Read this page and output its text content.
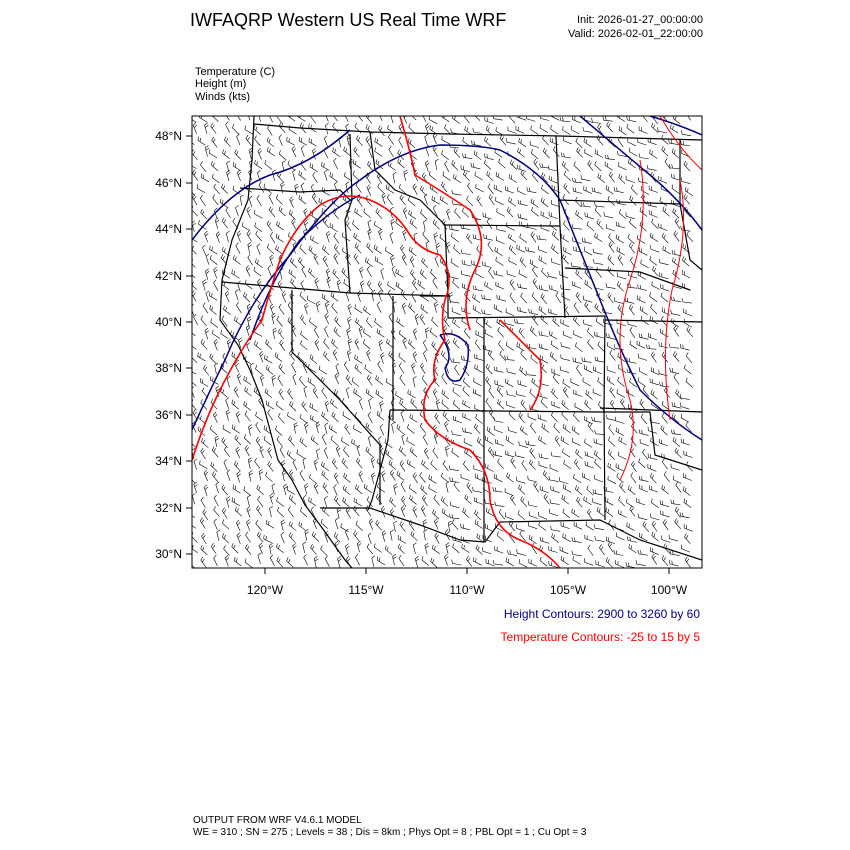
IWFAQRP Western US Real Time WRF	Init: 2026-01-27_00:00:00
Valid: 2026-02-01_22:00:00
Temperature (C)
Height (m)
Winds (kts)
48°N
46°N
44°N
42°N
40°N
38°N
36°N
34°N
32°N
30°N
120°W	115°W	110°W	105°W	100°W
Height Contours: 2900 to 3260 by 60
Temperature Contours: -25 to 15 by 5
OUTPUT FROM WRF V4.6.1 MODEL
WE = 310 ; SN = 275 ; Levels = 38 ; Dis = 8km ; Phys Opt = 8 ; PBL Opt = 1 ; Cu Opt = 3
